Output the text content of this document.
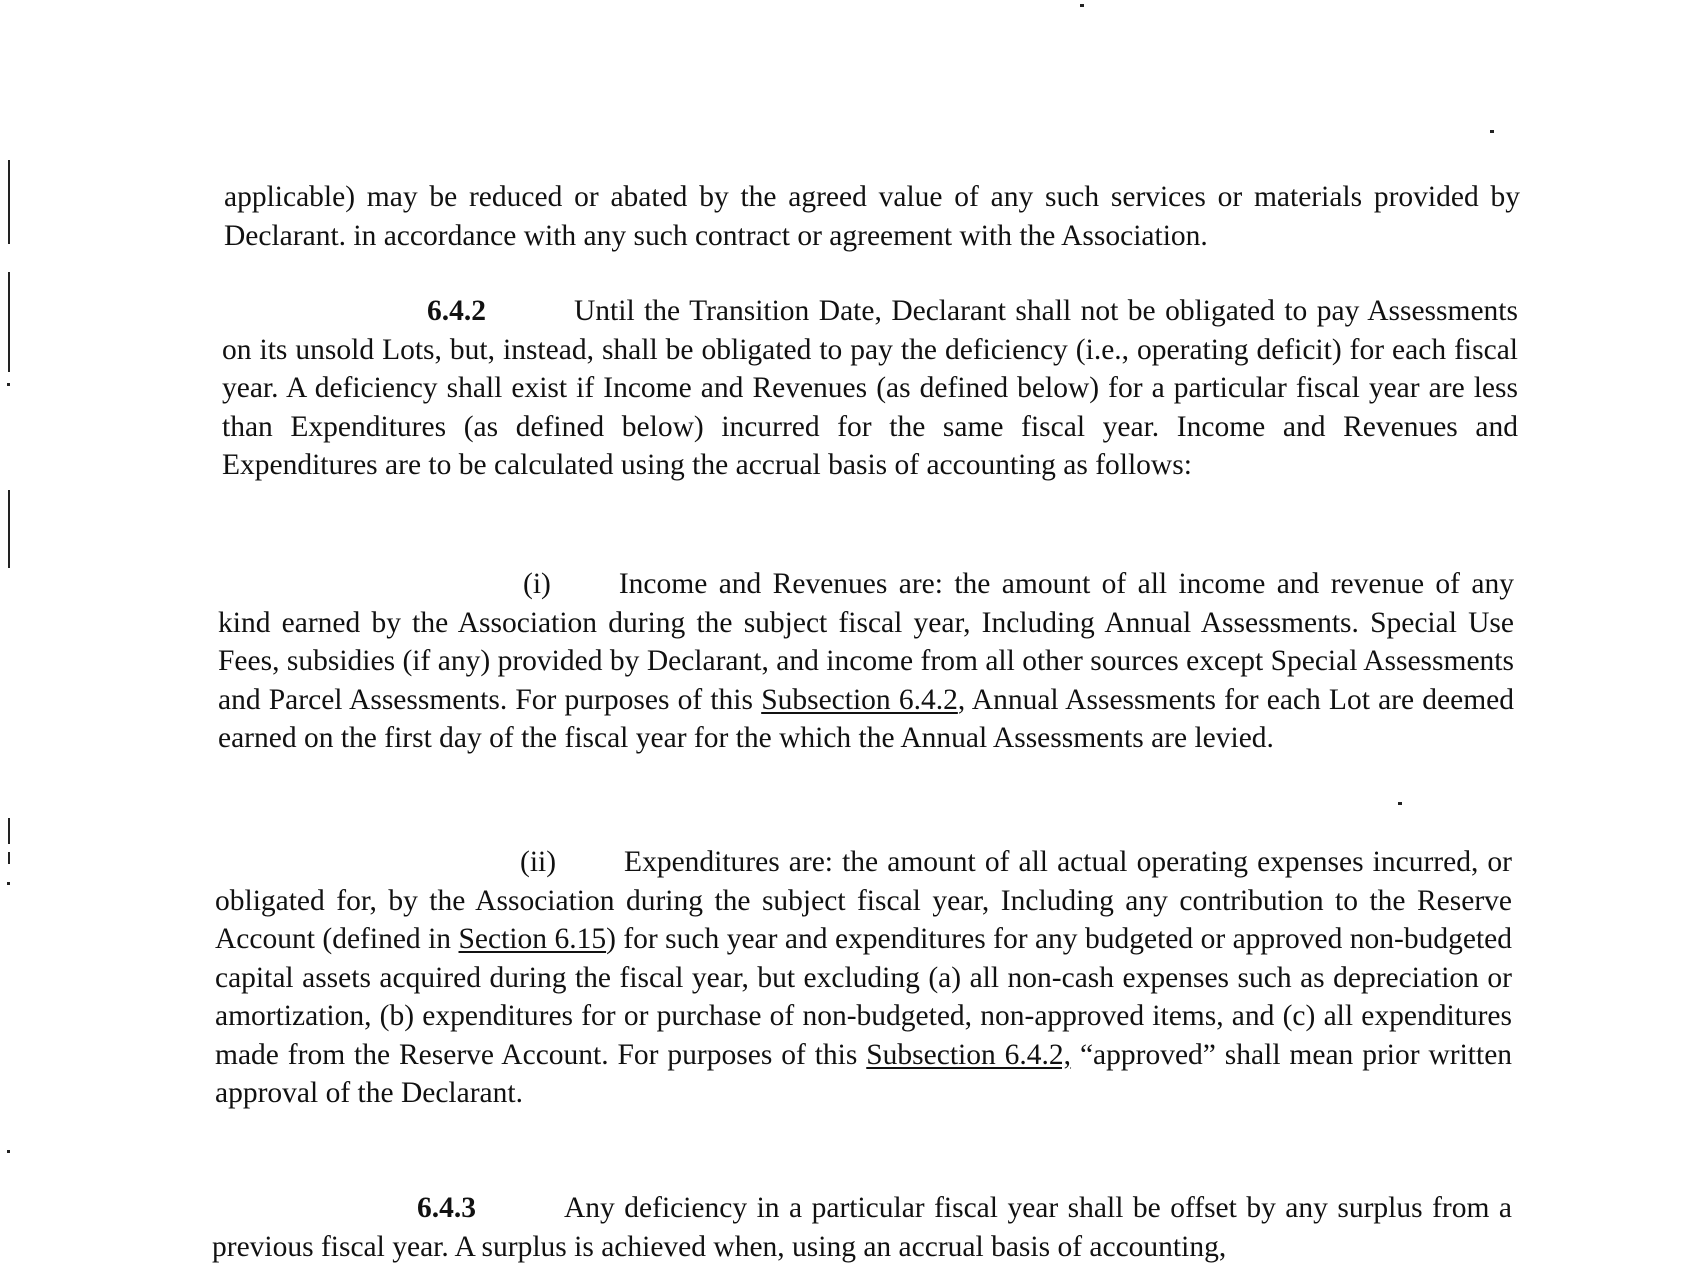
applicable) may be reduced or abated by the agreed value of any such services or materials provided by Declarant. in accordance with any such contract or agreement with the Association.

6.4.2	Until the Transition Date, Declarant shall not be obligated to pay Assessments on its unsold Lots, but, instead, shall be obligated to pay the deficiency (i.e., operating deficit) for each fiscal year. A deficiency shall exist if Income and Revenues (as defined below) for a particular fiscal year are less than Expenditures (as defined below) incurred for the same fiscal year. Income and Revenues and Expenditures are to be calculated using the accrual basis of accounting as follows:

(i) Income and Revenues are: the amount of all income and revenue of any kind earned by the Association during the subject fiscal year, Including Annual Assessments. Special Use Fees, subsidies (if any) provided by Declarant, and income from all other sources except Special Assessments and Parcel Assessments. For purposes of this Subsection 6.4.2, Annual Assessments for each Lot are deemed earned on the first day of the fiscal year for the which the Annual Assessments are levied.

(ii) Expenditures are: the amount of all actual operating expenses incurred, or obligated for, by the Association during the subject fiscal year, Including any contribution to the Reserve Account (defined in Section 6.15) for such year and expenditures for any budgeted or approved non-budgeted capital assets acquired during the fiscal year, but excluding (a) all non-cash expenses such as depreciation or amortization, (b) expenditures for or purchase of non-budgeted, non-approved items, and (c) all expenditures made from the Reserve Account. For purposes of this Subsection 6.4.2, “approved” shall mean prior written approval of the Declarant.

6.4.3	Any deficiency in a particular fiscal year shall be offset by any surplus from a previous fiscal year. A surplus is achieved when, using an accrual basis of accounting,
